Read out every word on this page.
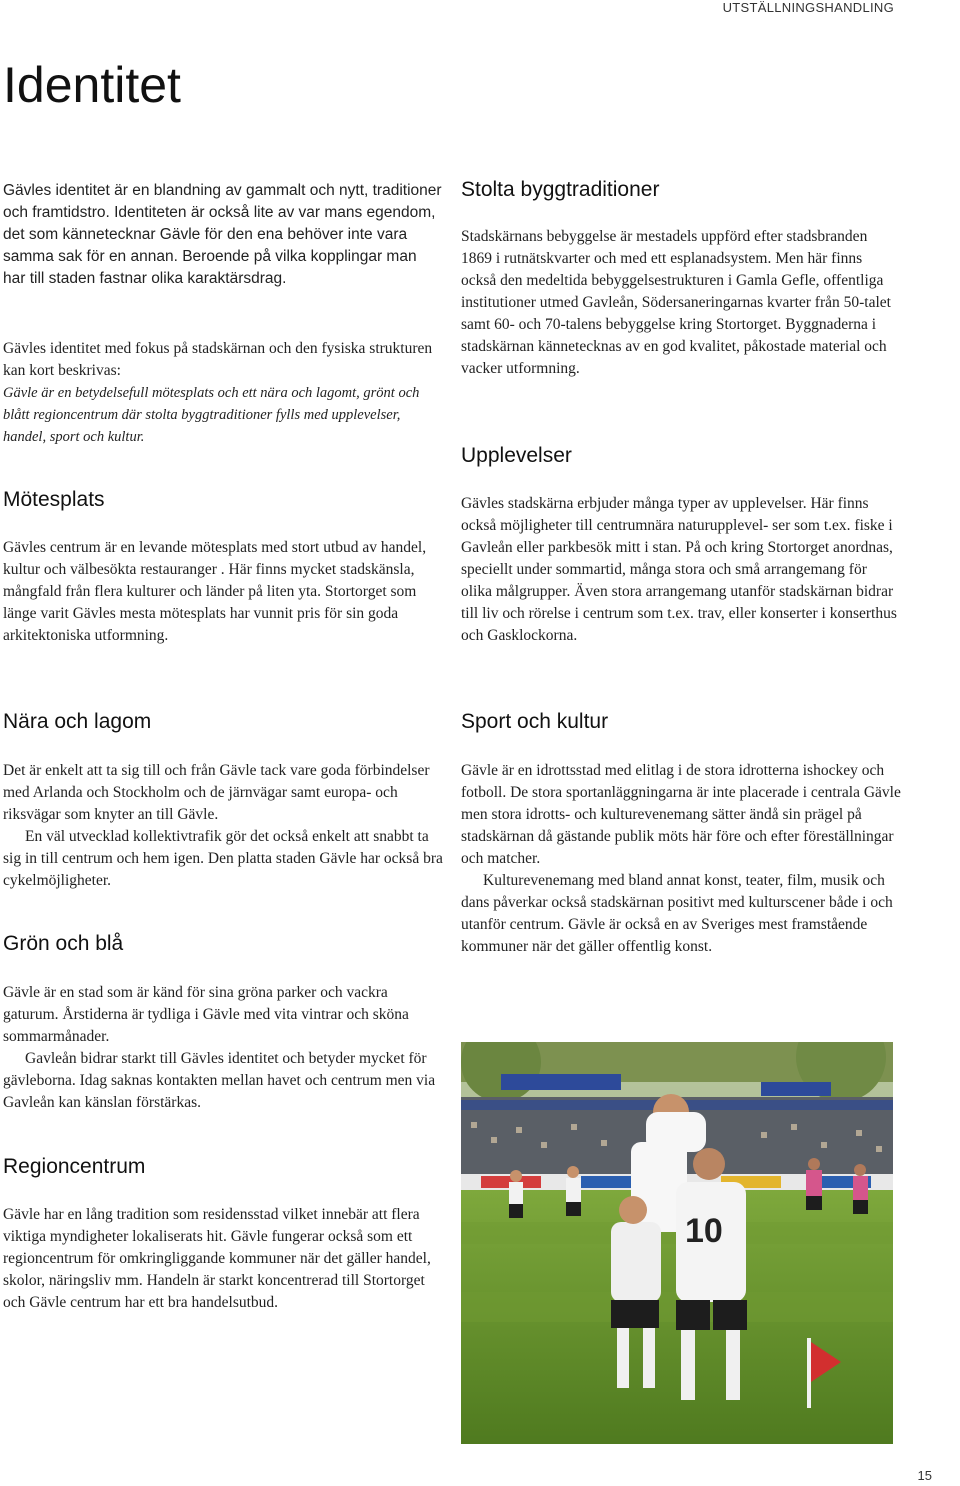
UTSTÄLLNINGSHANDLING
Identitet

Gävles identitet är en blandning av gammalt och nytt, traditioner och framtidstro. Identiteten är också lite av var mans egendom, det som kännetecknar Gävle för den ena behöver inte vara samma sak för en annan. Beroende på vilka kopplingar man har till staden fastnar olika karaktärsdrag.

Gävles identitet med fokus på stadskärnan och den fysiska strukturen kan kort beskrivas:

Gävle är en betydelsefull mötesplats och ett nära och lagomt, grönt och blått regioncentrum där stolta byggtraditioner fylls med upplevelser, handel, sport och kultur.

Mötesplats

Gävles centrum är en levande mötesplats med stort utbud av handel, kultur och välbesökta restauranger . Här finns mycket stadskänsla, mångfald från flera kulturer och länder på liten yta. Stortorget som länge varit Gävles mesta mötesplats har vunnit pris för sin goda arkitektoniska utformning.

Nära och lagom

Det är enkelt att ta sig till och från Gävle tack vare goda förbindelser med Arlanda och Stockholm och de järnvägar samt europa- och riksvägar som knyter an till Gävle.

En väl utvecklad kollektivtrafik gör det också enkelt att snabbt ta sig in till centrum och hem igen. Den platta staden Gävle har också bra cykelmöjligheter.

Grön och blå

Gävle är en stad som är känd för sina gröna parker och vackra gaturum. Årstiderna är tydliga i Gävle med vita vintrar och sköna sommarmånader.

Gavleån bidrar starkt till Gävles identitet och betyder mycket för gävleborna. Idag saknas kontakten mellan havet och centrum men via Gavleån kan känslan förstärkas.

Regioncentrum

Gävle har en lång tradition som residensstad vilket innebär att flera viktiga myndigheter lokaliserats hit. Gävle fungerar också som ett regioncentrum för omkringliggande kommuner när det gäller handel, skolor, näringsliv mm. Handeln är starkt koncentrerad till Stortorget och Gävle centrum har ett bra handelsutbud.

Stolta byggtraditioner

Stadskärnans bebyggelse är mestadels uppförd efter stadsbranden 1869 i rutnätskvarter och med ett esplanadsystem. Men här finns också den medeltida bebyggelsestrukturen i Gamla Gefle, offentliga institutioner utmed Gavleån, Södersaneringarnas kvarter från 50-talet samt 60- och 70-talens bebyggelse kring Stortorget. Byggnaderna i stadskärnan kännetecknas av en god kvalitet, påkostade material och vacker utformning.

Upplevelser

Gävles stadskärna erbjuder många typer av upplevelser. Här finns också möjligheter till centrumnära naturupplevel- ser som t.ex. fiske i Gavleån eller parkbesök mitt i stan. På och kring Stortorget anordnas, speciellt under sommartid, många stora och små arrangemang för olika målgrupper. Även stora arrangemang utanför stadskärnan bidrar till liv och rörelse i centrum som t.ex. trav, eller konserter i konserthus och Gasklockorna.

Sport och kultur

Gävle är en idrottsstad med elitlag i de stora idrotterna ishockey och fotboll. De stora sportanläggningarna är inte placerade i centrala Gävle men stora idrotts- och kulturevenemang sätter ändå sin prägel på stadskärnan då gästande publik möts här före och efter föreställningar och matcher.

Kulturevenemang med bland annat konst, teater, film, musik och dans påverkar också stadskärnan positivt med kulturscener både i och utanför centrum. Gävle är också en av Sveriges mest framstående kommuner när det gäller offentlig konst.

10
15
